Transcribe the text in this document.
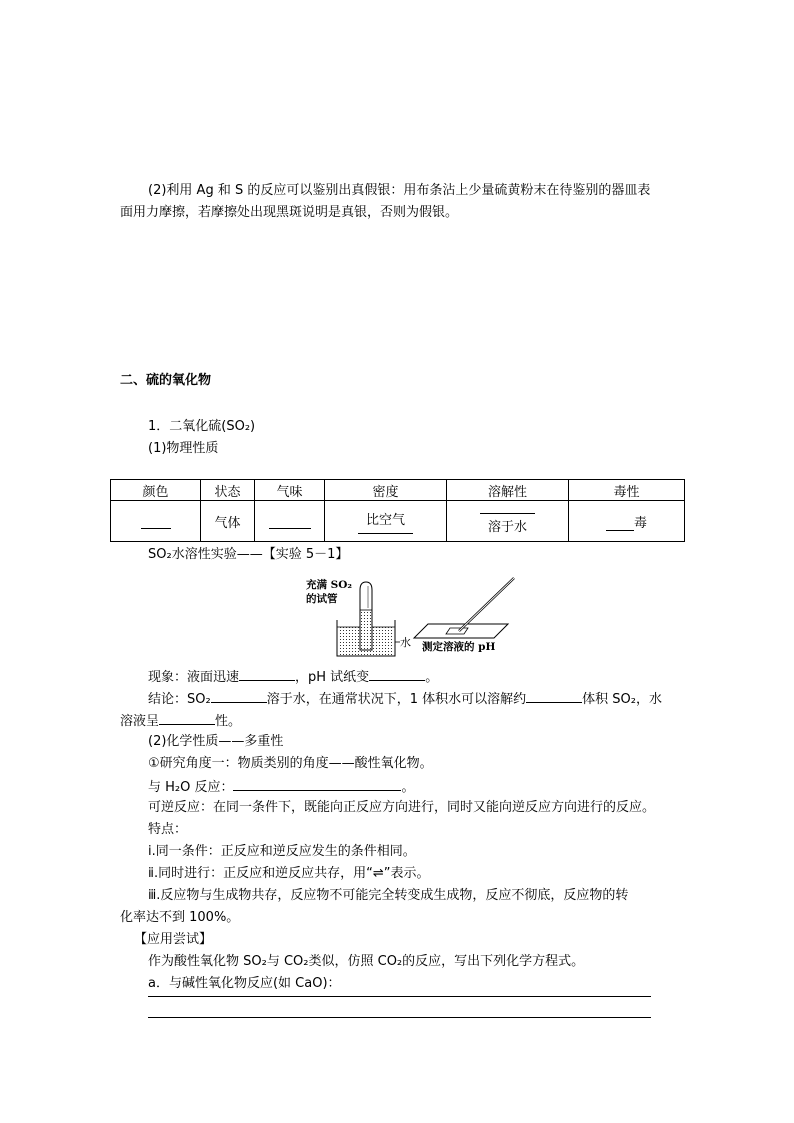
(2)利用 Ag 和 S 的反应可以鉴别出真假银：用布条沾上少量硫黄粉末在待鉴别的器皿表
面用力摩擦，若摩擦处出现黑斑说明是真银，否则为假银。
二、硫的氧化物
1．二氧化硫(SO₂)
(1)物理性质
颜色	状态	气味	密度	溶解性	毒性
	气体		比空气	溶于水	毒
SO₂水溶性实验——【实验 5－1】
充满 SO₂
的试管
水 测定溶液的 pH
现象：液面迅速	，pH 试纸变	。
结论：SO₂	溶于水，在通常状况下，1 体积水可以溶解约	体积 SO₂，水
溶液呈	性。
(2)化学性质——多重性
①研究角度一：物质类别的角度——酸性氧化物。
与 H₂O 反应：	。
可逆反应：在同一条件下，既能向正反应方向进行，同时又能向逆反应方向进行的反应。
特点：
ⅰ.同一条件：正反应和逆反应发生的条件相同。
ⅱ.同时进行：正反应和逆反应共存，用“⇌”表示。
ⅲ.反应物与生成物共存，反应物不可能完全转变成生成物，反应不彻底，反应物的转
化率达不到 100%。
【应用尝试】
作为酸性氧化物 SO₂与 CO₂类似，仿照 CO₂的反应，写出下列化学方程式。
a．与碱性氧化物反应(如 CaO)：
